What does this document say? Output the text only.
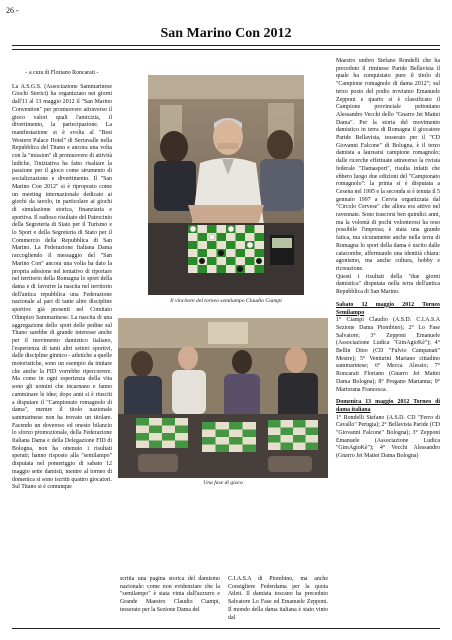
26 -
San Marino Con 2012
- a cura di Floriano Roncarati -

La A.S.G.S. (Associazione Sammarinese Giochi Storici) ha organizzato nei giorni dall'11 al 13 maggio 2012 il "San Marino Convention" per promuovere attraverso il gioco valori quali l'amicizia, il divertimento, la partecipazione. La manifestazione si è svolta al "Best Western Palace Hotel" di Serravalle nella Repubblica del Titano e ancora una volta con la "mission" di promuovere di attività ludiche, l'iniziativa ha fatto risaltare la passione per il gioco come strumento di socializzazione e divertimento. Il "San Marino Con 2012" si è riproposto come un meeting internazionale dedicato ai giochi da tavolo, in particolare ai giochi di simulazione storica, finanziaria e sportiva. Il radioso risultato del Patrocinio della Segreteria di Stato per il Turismo e lo Sport e della Segreteria di Stato per il Commercio della Repubblica di San Marino. La Federazione Italiana Dama raccogliendo il messaggio del "San Marino Con" ancora una volta ha dato la propria adesione nel tentativo di riportare nel territorio della Romagna lo sport della dama e di favorire la nascita nel territorio dell'antica repubblica una Federazione nazionale al pari di tante altre discipline sportive già presenti nel Comitato Olimpico Sammarinese. La nascita di una aggregazione dello sport delle pedine sul Titano sarebbe di grande interesse anche per il movimento damistico italiano, l'esperienza di tanti altri settori sportivi, dalle discipline ginnico - atletiche a quelle motoristiche, sono un esempio da imitare che anche la FID vorrebbe ripercorrere. Ma come in ogni esperienza della vita sono gli uomini che incarnano e fanno camminare le idee; dopo anni si è riusciti a disputare il "Campionato romagnolo di dama", mentre il titolo nazionale sammarinese non ha trovato un titolare. Facendo un doveroso ed onesto bilancio lo sforzo promozionale, della Federazione Italiana Dama e della Delegazione FID di Bologna, non ha ottenuto i risultati sperati; hanno risposto alla "semilampo" disputata nel pomeriggio di sabato 12 maggio sette damisti, mentre al torneo di domenica si sono iscritti quattro giocatori. Sul Titano si è comunque

Il vincitore del torneo semilampo Claudio Ciampi
Una fase di gioco

scritta una pagina storica del damismo nazionale: come non evidenziare che la "semilampo" è stata vinta dall'azzurro e Grande Maestro Claudio Ciampi, tesserato per la Sezione Dama del

C.I.A.S.A di Piombino, ma anche Consigliere Federdama per la quota Atleti. Il damista toscano ha preceduto Salvatore Lo Fase ed Emanuele Zepponi. Il mondo della dama italiana è stato vinto dal

Maestro umbro Stefano Rondelli che ha preceduto il riminese Paride Bellavista il quale ha conquistato pure il titolo di "Campione romagnolo di dama 2012"; sul terzo posto del podio troviamo Emanuele Zepponi e quarto si è classificato il Campione provinciale pettoniano Alessandro Vecchi dello "Gnarro Jet Mattei Dama". Per la storia del movimento damistico in terra di Romagna il giocatore Paride Bellavista, tesserato per il "CD Giovanni Falcone" di Bologna, è il terzo damista a laurearsi campione romagnolo; dalle ricerche effettuate attraverso la rivista federale "Damasport", risulta infatti che ebbero luogo due edizioni del "Campionato romagnolo": la prima si è disputata a Cesena nel 1995 e la seconda si è tenuta il 5 gennaio 1997 a Cervia organizzata dal "Circolo Cervese" che allora era attivo nel ravennate. Sono trascorsi ben quindici anni, ma la volontà di pochi volonterosi ha reso possibile l'impresa; è stata una grande fatica, ma sicuramente anche nella terra di Romagna lo sport della dama è uscito dalle catacombe, affermando una identità chiara: agonismo, ma anche cultura, hobby e ricreazione.

Questi i risultati della "due giorni damistica" disputata nella terra dell'antica Repubblica di San Marino.

Sabato 12 maggio 2012 Torneo Semilampo

1° Ciampi Claudio (A.S.D. C.I.A.S.A Sezione Dama Piombino); 2° Lo Fase Salvatore; 3° Zepponi Emanuele (Associazione Ludica "GimAgioKè"); 4° Bellin Dino (CD "Fulvio Campanati" Mestre); 5° Venturini Mariano cittadino sammarinese; 6° Mecca Alessio; 7° Roncarati Floriano (Gnarro Jet Mattei Dama Bologna); 8° Progano Marianna; 9° Martorana Francesca.

Domenica 13 maggio 2012 Torneo di dama italiana

1° Rondelli Stefano (A.S.D. CD "Ferro di Cavallo" Perugia); 2° Bellavista Paride (CD "Giovanni Falcone" Bologna); 3° Zepponi Emanuele (Associazione Ludica "GimAgioKè"); 4° Vecchi Alessandro (Gnarro Jet Mattei Dama Bologna)
